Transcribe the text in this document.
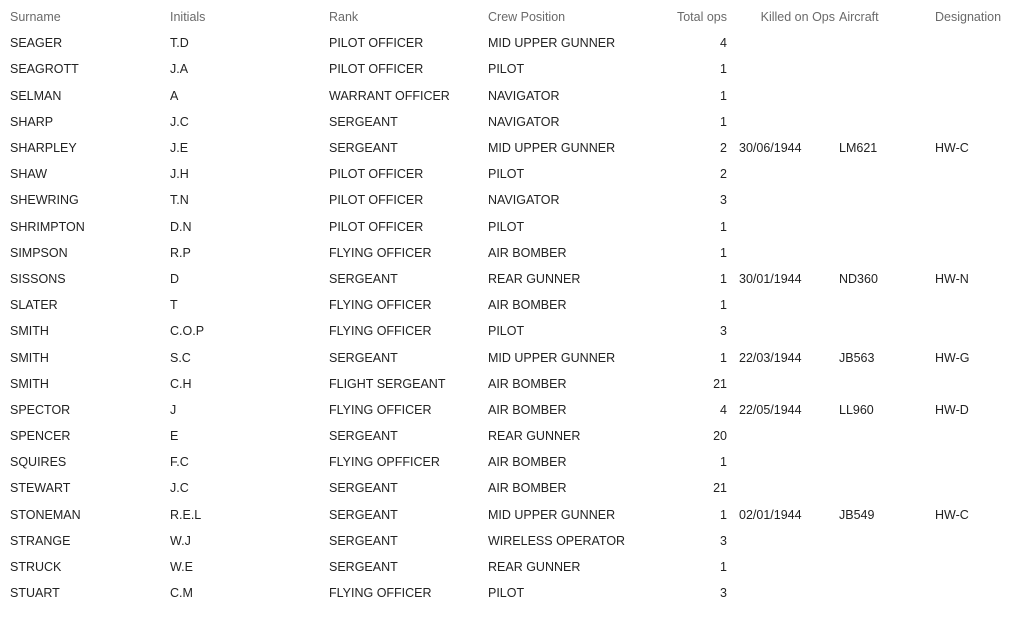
Surname	Initials	Rank	Crew Position	Total ops	Killed on Ops	Aircraft	Designation
SEAGER	T.D	PILOT OFFICER	MID UPPER GUNNER	4			
SEAGROTT	J.A	PILOT OFFICER	PILOT	1			
SELMAN	A	WARRANT OFFICER	NAVIGATOR	1			
SHARP	J.C	SERGEANT	NAVIGATOR	1			
SHARPLEY	J.E	SERGEANT	MID UPPER GUNNER	2	30/06/1944	LM621	HW-C
SHAW	J.H	PILOT OFFICER	PILOT	2			
SHEWRING	T.N	PILOT OFFICER	NAVIGATOR	3			
SHRIMPTON	D.N	PILOT OFFICER	PILOT	1			
SIMPSON	R.P	FLYING OFFICER	AIR BOMBER	1			
SISSONS	D	SERGEANT	REAR GUNNER	1	30/01/1944	ND360	HW-N
SLATER	T	FLYING OFFICER	AIR BOMBER	1			
SMITH	C.O.P	FLYING OFFICER	PILOT	3			
SMITH	S.C	SERGEANT	MID UPPER GUNNER	1	22/03/1944	JB563	HW-G
SMITH	C.H	FLIGHT SERGEANT	AIR BOMBER	21			
SPECTOR	J	FLYING OFFICER	AIR BOMBER	4	22/05/1944	LL960	HW-D
SPENCER	E	SERGEANT	REAR GUNNER	20			
SQUIRES	F.C	FLYING OPFFICER	AIR BOMBER	1			
STEWART	J.C	SERGEANT	AIR BOMBER	21			
STONEMAN	R.E.L	SERGEANT	MID UPPER GUNNER	1	02/01/1944	JB549	HW-C
STRANGE	W.J	SERGEANT	WIRELESS OPERATOR	3			
STRUCK	W.E	SERGEANT	REAR GUNNER	1			
STUART	C.M	FLYING OFFICER	PILOT	3			
